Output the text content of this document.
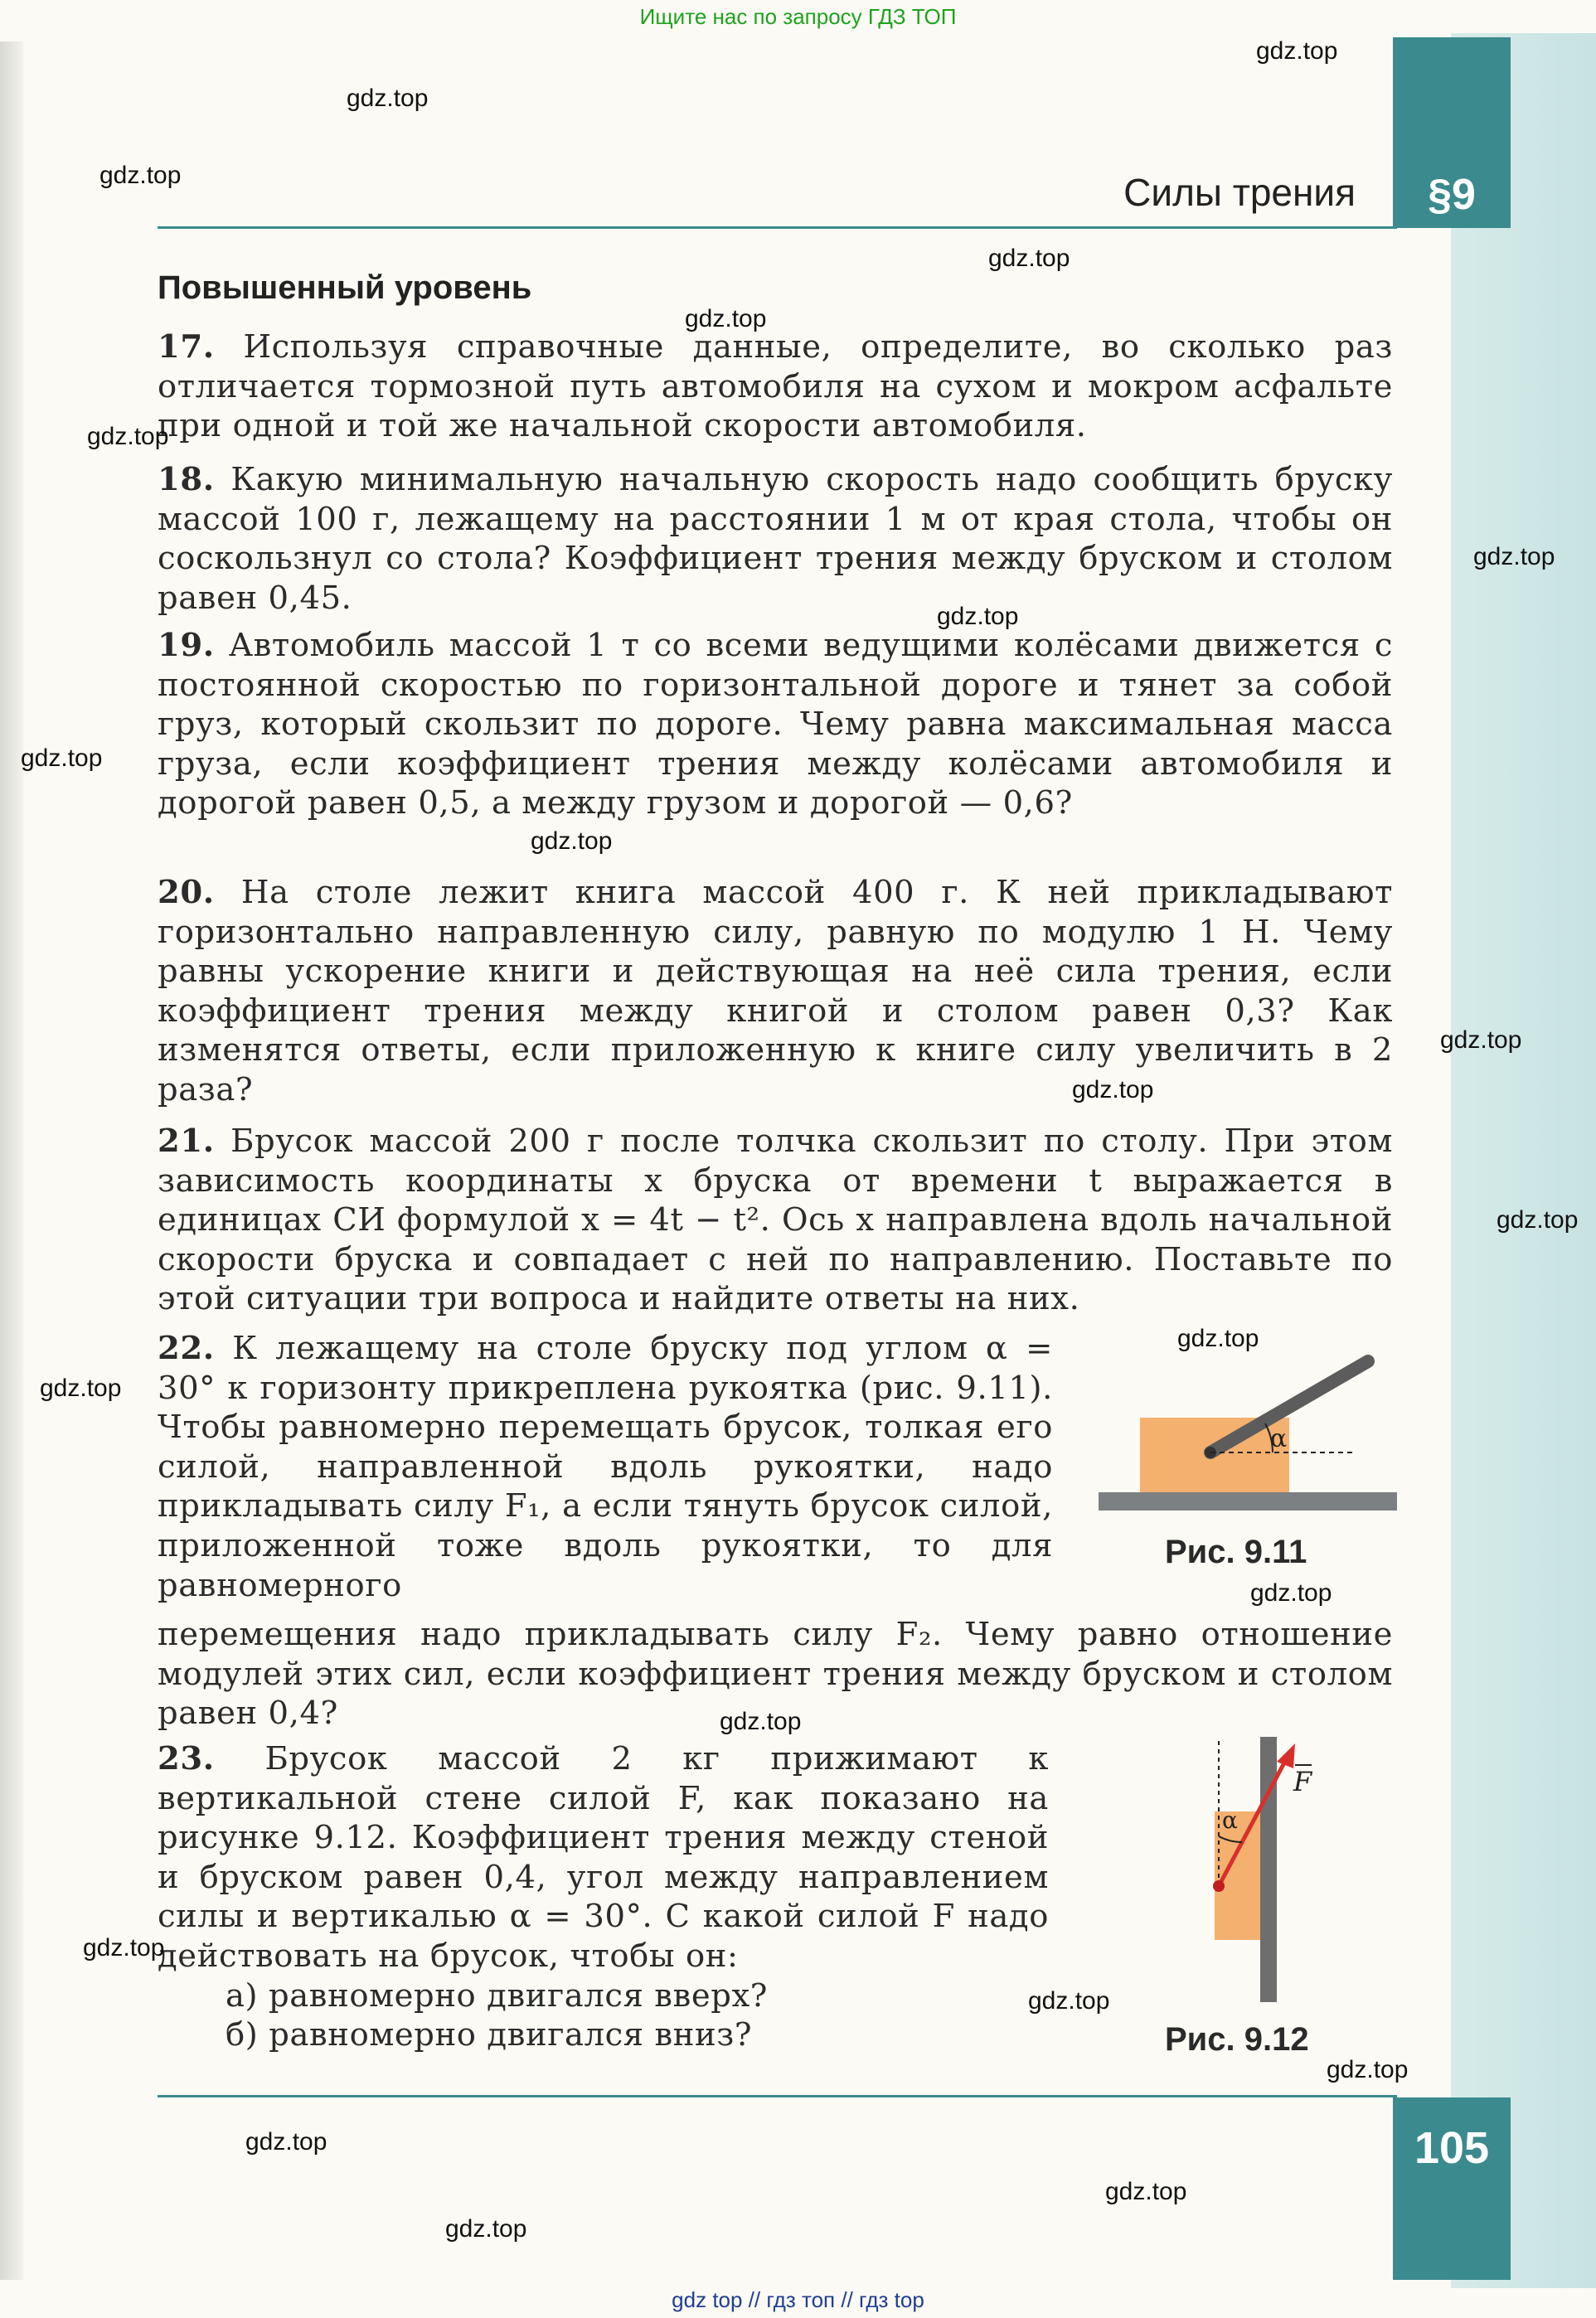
Ищите нас по запросу ГДЗ ТОП
§9
Силы трения
Повышенный уровень

17. Используя справочные данные, определите, во сколько раз отличается тормозной путь автомобиля на сухом и мокром асфальте при одной и той же начальной скорости автомобиля.

18. Какую минимальную начальную скорость надо сообщить бруску массой 100 г, лежащему на расстоянии 1 м от края стола, чтобы он соскользнул со стола? Коэффициент трения между бруском и столом равен 0,45.

19. Автомобиль массой 1 т со всеми ведущими колёсами движется с постоянной скоростью по горизонтальной дороге и тянет за собой груз, который скользит по дороге. Чему равна максимальная масса груза, если коэффициент трения между колёсами автомобиля и дорогой равен 0,5, а между грузом и дорогой — 0,6?

20. На столе лежит книга массой 400 г. К ней прикладывают горизонтально направленную силу, равную по модулю 1 Н. Чему равны ускорение книги и действующая на неё сила трения, если коэффициент трения между книгой и столом равен 0,3? Как изменятся ответы, если приложенную к книге силу увеличить в 2 раза?

21. Брусок массой 200 г после толчка скользит по столу. При этом зависимость координаты x бруска от времени t выражается в единицах СИ формулой x = 4t − t². Ось x направлена вдоль начальной скорости бруска и совпадает с ней по направлению. Поставьте по этой ситуации три вопроса и найдите ответы на них.

22. К лежащему на столе бруску под углом α = 30° к горизонту прикреплена рукоятка (рис. 9.11). Чтобы равномерно перемещать брусок, толкая его силой, направленной вдоль рукоятки, надо прикладывать силу F₁, а если тянуть брусок силой, приложенной тоже вдоль рукоятки, то для равномерного

перемещения надо прикладывать силу F₂. Чему равно отношение модулей этих сил, если коэффициент трения между бруском и столом равен 0,4?

α
Рис. 9.11

23. Брусок массой 2 кг прижимают к вертикальной стене силой F, как показано на рисунке 9.12. Коэффициент трения между стеной и бруском равен 0,4, угол между направлением силы и вертикалью α = 30°. С какой силой F надо действовать на брусок, чтобы он:

а) равномерно двигался вверх?

б) равномерно двигался вниз?

α
F
Рис. 9.12
105
gdz.top
gdz.top
gdz.top
gdz.top
gdz.top
gdz.top
gdz.top
gdz.top
gdz.top
gdz.top
gdz.top
gdz.top
gdz.top
gdz.top
gdz.top
gdz.top
gdz.top
gdz.top
gdz.top
gdz.top
gdz.top
gdz.top
gdz.top
gdz top // гдз топ // гдз top
